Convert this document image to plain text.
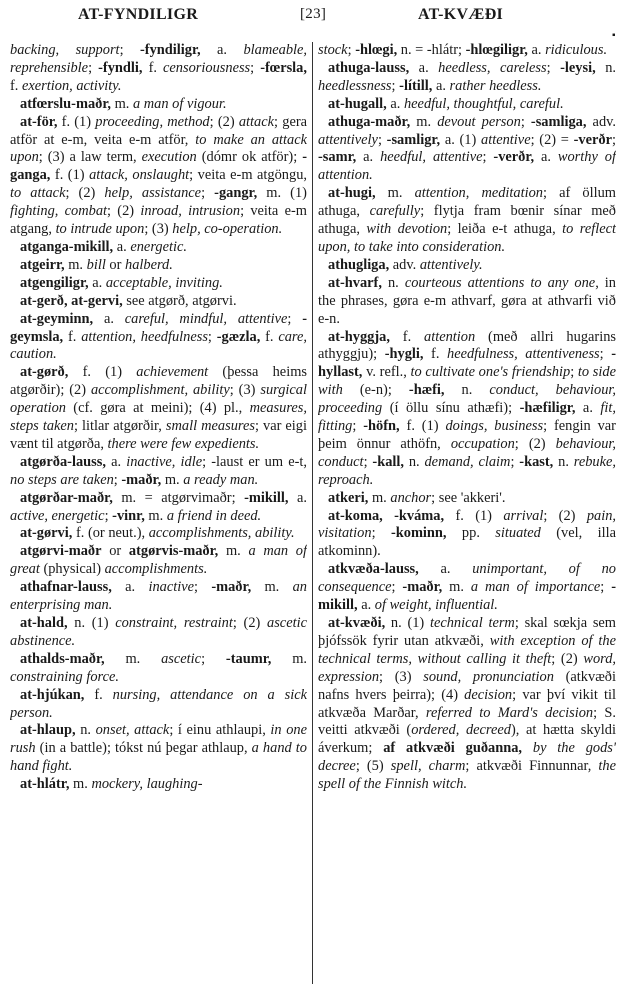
AT-FYNDILIGR	[23]	AT-KVÆÐI
▪
backing, support; -fyndiligr, a. blameable, reprehensible; -fyndli, f. censoriousness; -fœrsla, f. exertion, activity.
atfœrslu-maðr, m. a man of vigour.
at-för, f. (1) proceeding, method; (2) attack; gera atför at e-m, veita e-m atför, to make an attack upon; (3) a law term, execution (dómr ok atför); -ganga, f. (1) attack, onslaught; veita e-m atgöngu, to attack; (2) help, assistance; -gangr, m. (1) fighting, combat; (2) inroad, intrusion; veita e-m atgang, to intrude upon; (3) help, co-operation.
atganga-mikill, a. energetic.
atgeirr, m. bill or halberd.
atgengiligr, a. acceptable, inviting.
at-gerð, at-gervi, see atgørð, atgørvi.
at-geyminn, a. careful, mindful, attentive; -geymsla, f. attention, heedfulness; -gæzla, f. care, caution.
at-gørð, f. (1) achievement (þessa heims atgørðir); (2) accomplishment, ability; (3) surgical operation (cf. gøra at meini); (4) pl., measures, steps taken; litlar atgørðir, small measures; var eigi vænt til atgørða, there were few expedients.
atgørða-lauss, a. inactive, idle; -laust er um e-t, no steps are taken; -maðr, m. a ready man.
atgørðar-maðr, m. = atgørvimaðr; -mikill, a. active, energetic; -vinr, m. a friend in deed.
at-gørvi, f. (or neut.), accomplishments, ability.
atgørvi-maðr or atgørvis-maðr, m. a man of great (physical) accomplishments.
athafnar-lauss, a. inactive; -maðr, m. an enterprising man.
at-hald, n. (1) constraint, restraint; (2) ascetic abstinence.
athalds-maðr, m. ascetic; -taumr, m. constraining force.
at-hjúkan, f. nursing, attendance on a sick person.
at-hlaup, n. onset, attack; í einu athlaupi, in one rush (in a battle); tókst nú þegar athlaup, a hand to hand fight.
at-hlátr, m. mockery, laughing-
stock; -hlœgi, n. = -hlátr; -hlœgiligr, a. ridiculous.
athuga-lauss, a. heedless, careless; -leysi, n. heedlessness; -lítill, a. rather heedless.
at-hugall, a. heedful, thoughtful, careful.
athuga-maðr, m. devout person; -samliga, adv. attentively; -samligr, a. (1) attentive; (2) = -verðr; -samr, a. heedful, attentive; -verðr, a. worthy of attention.
at-hugi, m. attention, meditation; af öllum athuga, carefully; flytja fram bœnir sínar með athuga, with devotion; leiða e-t athuga, to reflect upon, to take into consideration.
athugliga, adv. attentively.
at-hvarf, n. courteous attentions to any one, in the phrases, gøra e-m athvarf, gøra at athvarfi við e-n.
at-hyggja, f. attention (með allri hugarins athyggju); -hygli, f. heedfulness, attentiveness; -hyllast, v. refl., to cultivate one's friendship; to side with (e-n); -hæfi, n. conduct, behaviour, proceeding (í öllu sínu athæfi); -hæfiligr, a. fit, fitting; -höfn, f. (1) doings, business; fengin var þeim önnur athöfn, occupation; (2) behaviour, conduct; -kall, n. demand, claim; -kast, n. rebuke, reproach.
atkeri, m. anchor; see 'akkeri'.
at-koma, -kváma, f. (1) arrival; (2) pain, visitation; -kominn, pp. situated (vel, illa atkominn).
atkvæða-lauss, a. unimportant, of no consequence; -maðr, m. a man of importance; -mikill, a. of weight, influential.
at-kvæði, n. (1) technical term; skal sœkja sem þjófssök fyrir utan atkvæði, with exception of the technical terms, without calling it theft; (2) word, expression; (3) sound, pronunciation (atkvæði nafns hvers þeirra); (4) decision; var því vikit til atkvæða Marðar, referred to Mard's decision; S. veitti atkvæði (ordered, decreed), at hætta skyldi áverkum; af atkvæði guðanna, by the gods' decree; (5) spell, charm; atkvæði Finnunnar, the spell of the Finnish witch.
